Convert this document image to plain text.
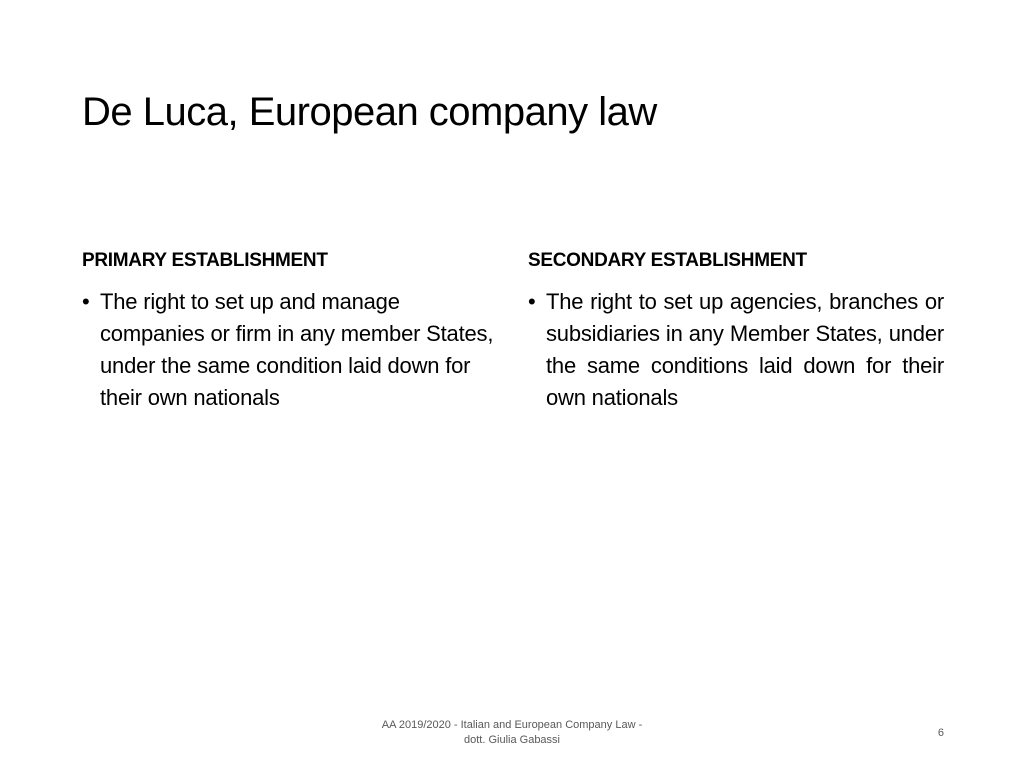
De Luca, European company law
PRIMARY ESTABLISHMENT
• The right to set up and manage companies or firm in any member States, under the same condition laid down for their own nationals
SECONDARY ESTABLISHMENT
• The right to set up agencies, branches or subsidiaries in any Member States, under the same conditions laid down for their own nationals
AA 2019/2020 - Italian and European Company Law -
dott. Giulia Gabassi
6
